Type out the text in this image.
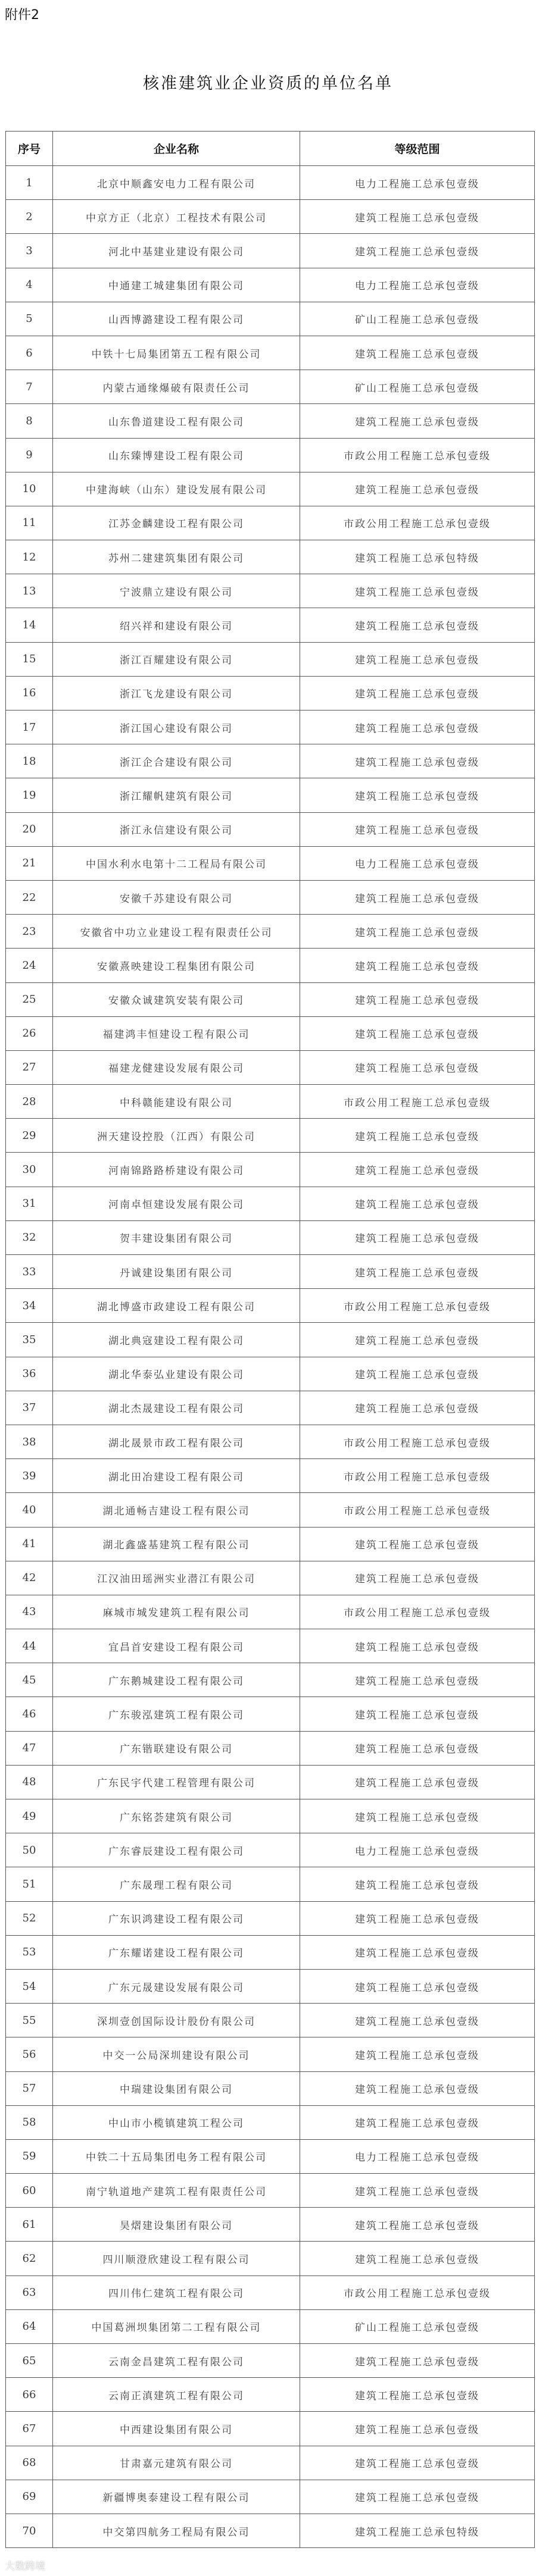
附件2
核准建筑业企业资质的单位名单
序号	企业名称	等级范围
1	北京中顺鑫安电力工程有限公司	电力工程施工总承包壹级
2	中京方正（北京）工程技术有限公司	建筑工程施工总承包壹级
3	河北中基建业建设有限公司	建筑工程施工总承包壹级
4	中通建工城建集团有限公司	电力工程施工总承包壹级
5	山西博潞建设工程有限公司	矿山工程施工总承包壹级
6	中铁十七局集团第五工程有限公司	建筑工程施工总承包壹级
7	内蒙古通缘爆破有限责任公司	矿山工程施工总承包壹级
8	山东鲁道建设工程有限公司	建筑工程施工总承包壹级
9	山东臻博建设工程有限公司	市政公用工程施工总承包壹级
10	中建海峡（山东）建设发展有限公司	建筑工程施工总承包壹级
11	江苏金麟建设工程有限公司	市政公用工程施工总承包壹级
12	苏州二建建筑集团有限公司	建筑工程施工总承包特级
13	宁波鼎立建设有限公司	建筑工程施工总承包壹级
14	绍兴祥和建设有限公司	建筑工程施工总承包壹级
15	浙江百耀建设有限公司	建筑工程施工总承包壹级
16	浙江飞龙建设有限公司	建筑工程施工总承包壹级
17	浙江国心建设有限公司	建筑工程施工总承包壹级
18	浙江企合建设有限公司	建筑工程施工总承包壹级
19	浙江耀帆建筑有限公司	建筑工程施工总承包壹级
20	浙江永信建设有限公司	建筑工程施工总承包壹级
21	中国水利水电第十二工程局有限公司	电力工程施工总承包壹级
22	安徽千苏建设有限公司	建筑工程施工总承包壹级
23	安徽省中功立业建设工程有限责任公司	建筑工程施工总承包壹级
24	安徽熹映建设工程集团有限公司	建筑工程施工总承包壹级
25	安徽众诚建筑安装有限公司	建筑工程施工总承包壹级
26	福建鸿丰恒建设工程有限公司	建筑工程施工总承包壹级
27	福建龙健建设发展有限公司	建筑工程施工总承包壹级
28	中科赣能建设有限公司	市政公用工程施工总承包壹级
29	洲天建设控股（江西）有限公司	建筑工程施工总承包壹级
30	河南锦路路桥建设有限公司	建筑工程施工总承包壹级
31	河南卓恒建设发展有限公司	建筑工程施工总承包壹级
32	贺丰建设集团有限公司	建筑工程施工总承包壹级
33	丹诚建设集团有限公司	建筑工程施工总承包壹级
34	湖北博盛市政建设工程有限公司	市政公用工程施工总承包壹级
35	湖北典寇建设工程有限公司	建筑工程施工总承包壹级
36	湖北华泰弘业建设有限公司	建筑工程施工总承包壹级
37	湖北杰晟建设工程有限公司	建筑工程施工总承包壹级
38	湖北晟景市政工程有限公司	市政公用工程施工总承包壹级
39	湖北田冶建设工程有限公司	市政公用工程施工总承包壹级
40	湖北通畅吉建设工程有限公司	市政公用工程施工总承包壹级
41	湖北鑫盛基建筑工程有限公司	建筑工程施工总承包壹级
42	江汉油田瑶洲实业潜江有限公司	建筑工程施工总承包壹级
43	麻城市城发建筑工程有限公司	市政公用工程施工总承包壹级
44	宜昌首安建设工程有限公司	建筑工程施工总承包壹级
45	广东鹅城建设工程有限公司	建筑工程施工总承包壹级
46	广东骏泓建筑工程有限公司	建筑工程施工总承包壹级
47	广东锴联建设有限公司	建筑工程施工总承包壹级
48	广东民宇代建工程管理有限公司	建筑工程施工总承包壹级
49	广东铭荟建筑有限公司	建筑工程施工总承包壹级
50	广东睿辰建设工程有限公司	电力工程施工总承包壹级
51	广东晟理工程有限公司	建筑工程施工总承包壹级
52	广东识鸿建设工程有限公司	建筑工程施工总承包壹级
53	广东耀诺建设工程有限公司	建筑工程施工总承包壹级
54	广东元晟建设发展有限公司	建筑工程施工总承包壹级
55	深圳壹创国际设计股份有限公司	建筑工程施工总承包壹级
56	中交一公局深圳建设有限公司	建筑工程施工总承包壹级
57	中瑞建设集团有限公司	建筑工程施工总承包壹级
58	中山市小榄镇建筑工程公司	建筑工程施工总承包壹级
59	中铁二十五局集团电务工程有限公司	电力工程施工总承包壹级
60	南宁轨道地产建筑工程有限责任公司	建筑工程施工总承包壹级
61	昊熠建设集团有限公司	建筑工程施工总承包壹级
62	四川顺澄欣建设工程有限公司	建筑工程施工总承包壹级
63	四川伟仁建筑工程有限公司	市政公用工程施工总承包壹级
64	中国葛洲坝集团第二工程有限公司	矿山工程施工总承包壹级
65	云南金昌建筑工程有限公司	建筑工程施工总承包壹级
66	云南正滇建筑工程有限公司	建筑工程施工总承包壹级
67	中西建设集团有限公司	建筑工程施工总承包壹级
68	甘肃嘉元建筑有限公司	建筑工程施工总承包壹级
69	新疆博奥泰建设工程有限公司	建筑工程施工总承包壹级
70	中交第四航务工程局有限公司	建筑工程施工总承包特级
大数跨境
